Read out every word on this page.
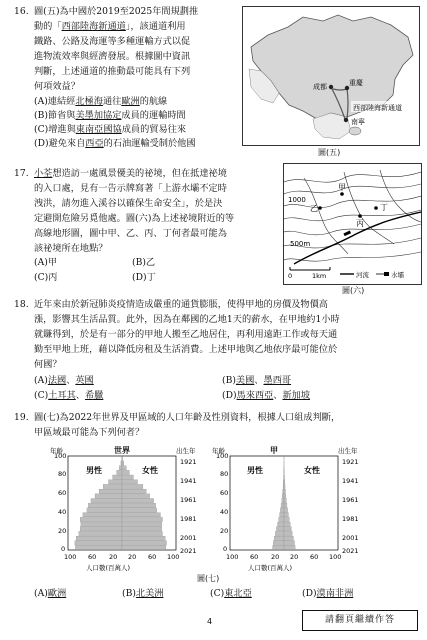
16. 圖(五)為中國於2019至2025年間規劃推
動的「西部陸海新通道」，該通道利用
鐵路、公路及海運等多種運輸方式以促
進物流效率與經濟發展。根據圖中資訊
判斷，上述通道的推動最可能具有下列
何項效益？
(A)連結經北極海通往歐洲的航線
(B)節省與美墨加協定成員的運輸時間
(C)增進與東南亞國協成員的貿易往來
(D)避免來自西亞的石油運輸受制於他國
成都	重慶
南寧
西部陸海新通道
圖(五)
17. 小荃想造訪一處風景優美的祕境，但在抵達祕境
的入口處，見有一告示牌寫著「上游水壩不定時
洩洪，請勿進入溪谷以確保生命安全」，於是決
定避開危險另覓他處。圖(六)為上述祕境附近的等
高線地形圖，圖中甲、乙、丙、丁何者最可能為
該祕境所在地點？
(A)甲	(B)乙
(C)丙	(D)丁
1000
500m
乙
甲
丙
丁
0	1km	河流	水壩
圖(六)
18. 近年來由於新冠肺炎疫情造成嚴重的通貨膨脹，使得甲地的房價及物價高
漲，影響其生活品質。此外，因為在鄰國的乙地1天的薪水，在甲地約1小時
就賺得到，於是有一部分的甲地人搬至乙地居住，再利用遠距工作或每天通
勤至甲地上班，藉以降低房租及生活消費。上述甲地與乙地依序最可能位於
何國？
(A)法國、英國	(B)美國、墨西哥
(C)土耳其、希臘	(D)馬來西亞、新加坡
19. 圖(七)為2022年世界及甲區域的人口年齡及性別資料，根據人口組成判斷，
甲區域最可能為下列何者？
年齡	世界	出生年
男性	女性
人口數(百萬人)
年齡	甲	出生年
男性	女性
人口數(百萬人)
100
80
60
40
20
0
1921
1941
1961
1981
2001
2021
100
80
60
40
20
0
1921
1941
1961
1981
2001
2021
100 60 20 20 60 100	100 60 20 20 60 100
圖(七)
(A)歐洲	(B)北美洲	(C)東北亞	(D)漠南非洲
4	請翻頁繼續作答
